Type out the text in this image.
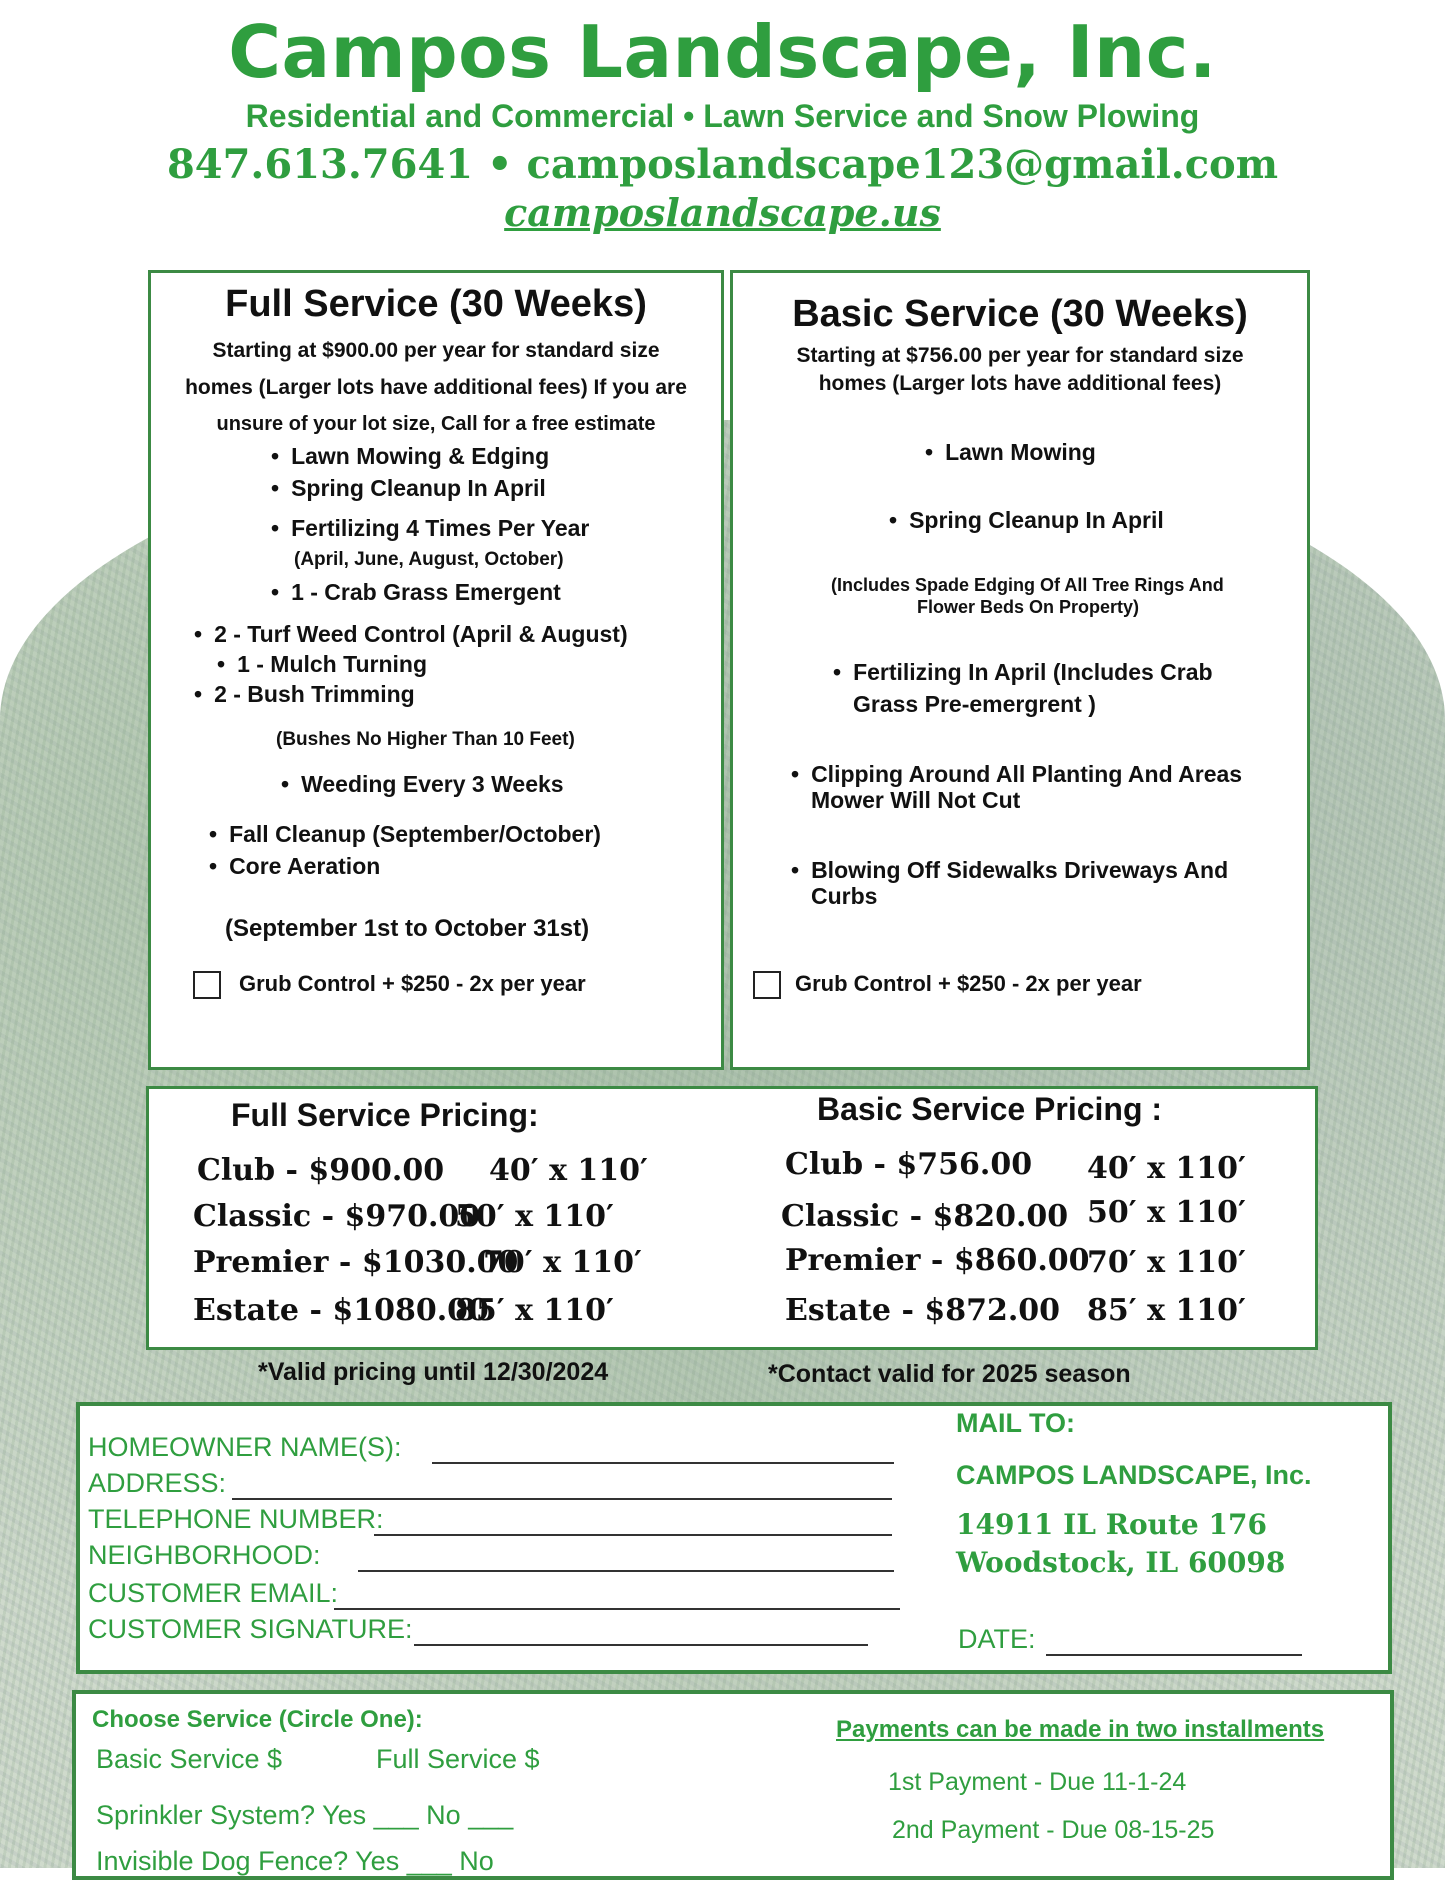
Campos Landscape, Inc.
Residential and Commercial • Lawn Service and Snow Plowing
847.613.7641 • camposlandscape123@gmail.com
camposlandscape.us
Full Service (30 Weeks)
Starting at $900.00 per year for standard size
homes (Larger lots have additional fees) If you are
unsure of your lot size, Call for a free estimate
• Lawn Mowing & Edging
• Spring Cleanup In April
• Fertilizing 4 Times Per Year
(April, June, August, October)
• 1 - Crab Grass Emergent
• 2 - Turf Weed Control (April & August)
• 1 - Mulch Turning
• 2 - Bush Trimming
(Bushes No Higher Than 10 Feet)
• Weeding Every 3 Weeks
• Fall Cleanup (September/October)
• Core Aeration
(September 1st to October 31st)
Grub Control + $250 - 2x per year
Basic Service (30 Weeks)
Starting at $756.00 per year for standard size
homes (Larger lots have additional fees)
• Lawn Mowing
• Spring Cleanup In April
(Includes Spade Edging Of All Tree Rings And
Flower Beds On Property)
• Fertilizing In April (Includes Crab
Grass Pre-emergrent )
• Clipping Around All Planting And Areas
Mower Will Not Cut
• Blowing Off Sidewalks Driveways And
Curbs
Grub Control + $250 - 2x per year
Full Service Pricing:
Club - $900.00 40′ x 110′
Classic - $970.00
50′ x 110′
Premier - $1030.00
70′ x 110′
Estate - $1080.00
85′ x 110′
Basic Service Pricing :
Club - $756.00 40′ x 110′
Classic - $820.00 50′ x 110′
Premier - $860.00
70′ x 110′
Estate - $872.00 85′ x 110′
*Valid pricing until 12/30/2024	*Contact valid for 2025 season
HOMEOWNER NAME(S):
ADDRESS:
TELEPHONE NUMBER:
NEIGHBORHOOD:
CUSTOMER EMAIL:
CUSTOMER SIGNATURE:
MAIL TO:
CAMPOS LANDSCAPE, Inc.
14911 IL Route 176
Woodstock, IL 60098
DATE:
Choose Service (Circle One):
Basic Service $	Full Service $
Sprinkler System? Yes ___ No ___
Invisible Dog Fence? Yes ___ No
Payments can be made in two installments
1st Payment - Due 11-1-24
2nd Payment - Due 08-15-25
